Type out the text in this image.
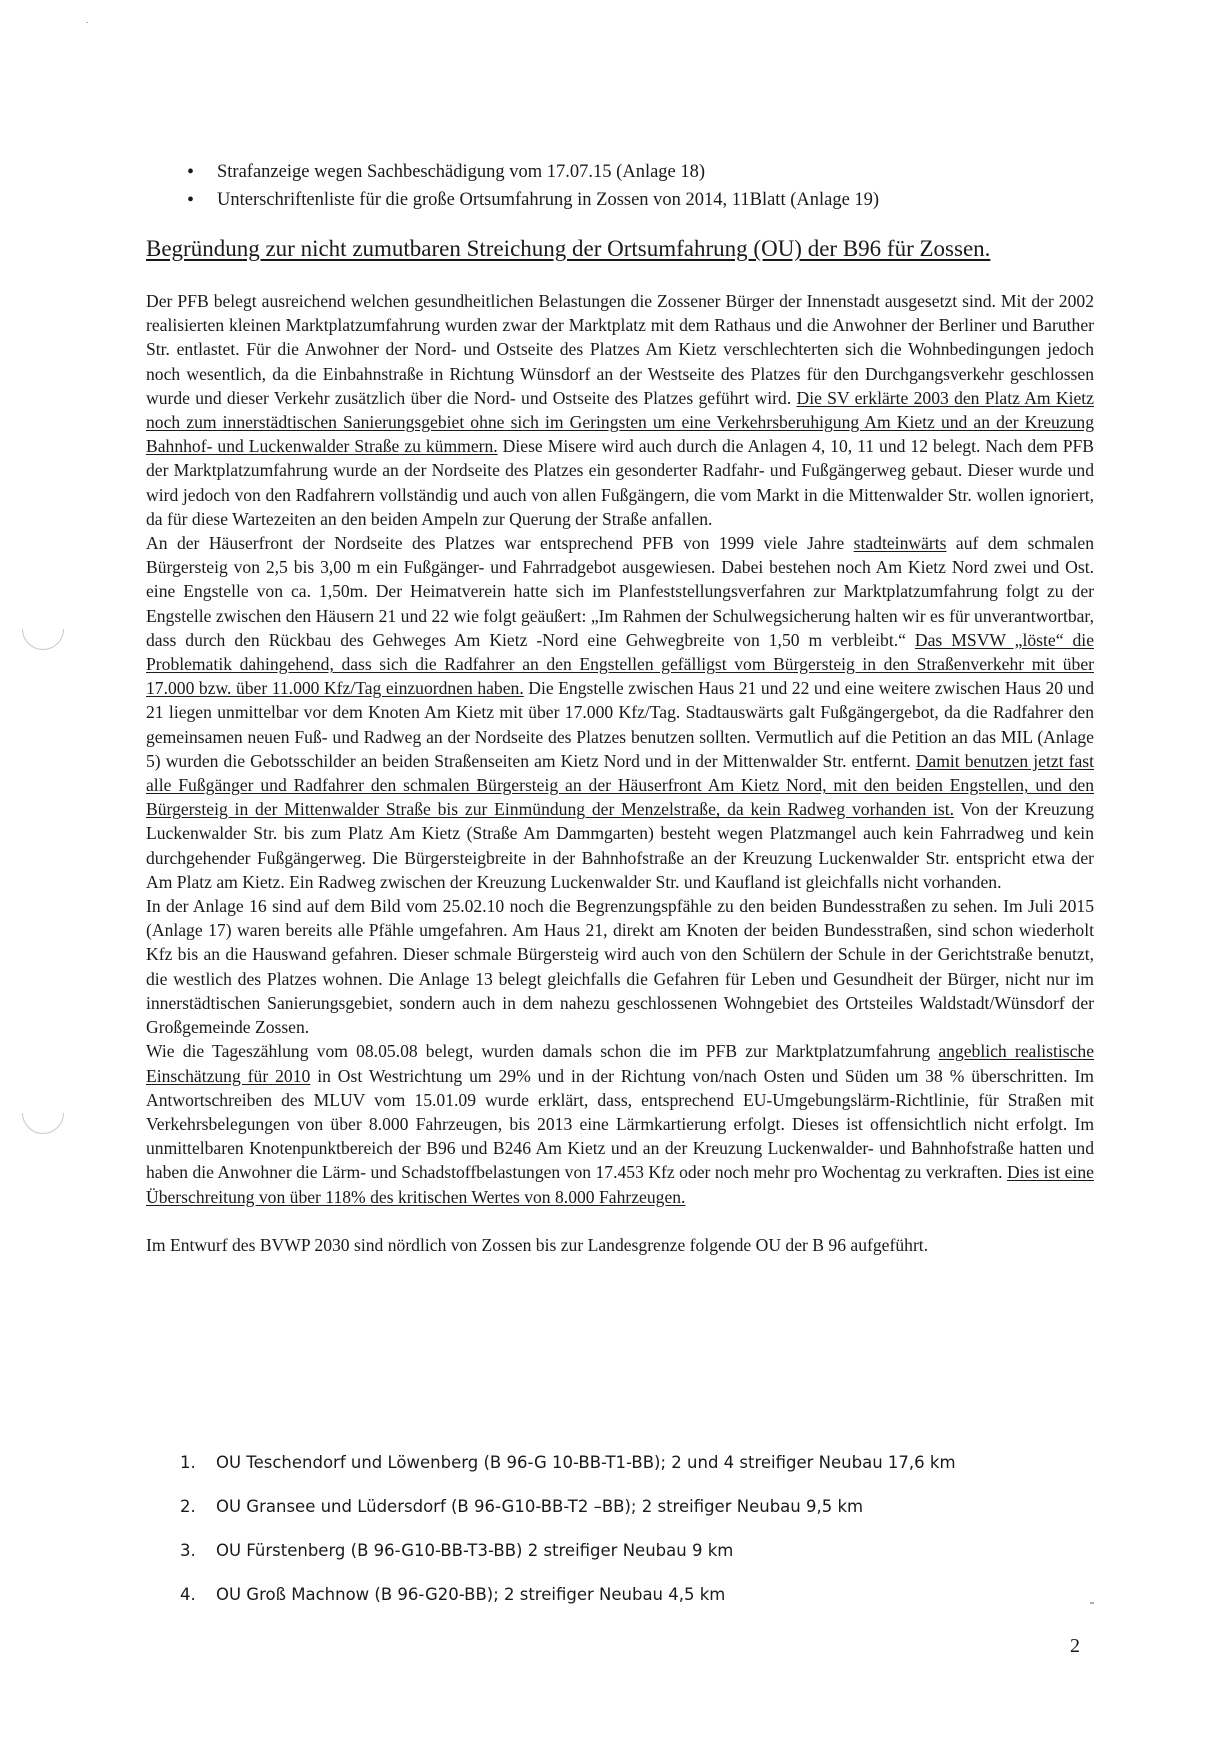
• Strafanzeige wegen Sachbeschädigung vom 17.07.15 (Anlage 18)
• Unterschriftenliste für die große Ortsumfahrung in Zossen von 2014, 11Blatt (Anlage 19)
Begründung zur nicht zumutbaren Streichung der Ortsumfahrung (OU) der B96 für Zossen.

Der PFB belegt ausreichend welchen gesundheitlichen Belastungen die Zossener Bürger der Innenstadt ausgesetzt sind. Mit der 2002 realisierten kleinen Marktplatzumfahrung wurden zwar der Marktplatz mit dem Rathaus und die Anwohner der Berliner und Baruther Str. entlastet. Für die Anwohner der Nord- und Ostseite des Platzes Am Kietz verschlechterten sich die Wohnbedingungen jedoch noch wesentlich, da die Einbahnstraße in Richtung Wünsdorf an der Westseite des Platzes für den Durchgangsverkehr geschlossen wurde und dieser Verkehr zusätzlich über die Nord- und Ostseite des Platzes geführt wird. Die SV erklärte 2003 den Platz Am Kietz noch zum innerstädtischen Sanierungsgebiet ohne sich im Geringsten um eine Verkehrsberuhigung Am Kietz und an der Kreuzung Bahnhof- und Luckenwalder Straße zu kümmern. Diese Misere wird auch durch die Anlagen 4, 10, 11 und 12 belegt. Nach dem PFB der Marktplatzumfahrung wurde an der Nordseite des Platzes ein gesonderter Radfahr- und Fußgängerweg gebaut. Dieser wurde und wird jedoch von den Radfahrern vollständig und auch von allen Fußgängern, die vom Markt in die Mittenwalder Str. wollen ignoriert, da für diese Wartezeiten an den beiden Ampeln zur Querung der Straße anfallen.

An der Häuserfront der Nordseite des Platzes war entsprechend PFB von 1999 viele Jahre stadteinwärts auf dem schmalen Bürgersteig von 2,5 bis 3,00 m ein Fußgänger- und Fahrradgebot ausgewiesen. Dabei bestehen noch Am Kietz Nord zwei und Ost. eine Engstelle von ca. 1,50m. Der Heimatverein hatte sich im Planfeststellungsverfahren zur Marktplatzumfahrung folgt zu der Engstelle zwischen den Häusern 21 und 22 wie folgt geäußert: „Im Rahmen der Schulwegsicherung halten wir es für unverantwortbar, dass durch den Rückbau des Gehweges Am Kietz -Nord eine Gehwegbreite von 1,50 m verbleibt.“ Das MSVW „löste“ die Problematik dahingehend, dass sich die Radfahrer an den Engstellen gefälligst vom Bürgersteig in den Straßenverkehr mit über 17.000 bzw. über 11.000 Kfz/Tag einzuordnen haben. Die Engstelle zwischen Haus 21 und 22 und eine weitere zwischen Haus 20 und 21 liegen unmittelbar vor dem Knoten Am Kietz mit über 17.000 Kfz/Tag. Stadtauswärts galt Fußgängergebot, da die Radfahrer den gemeinsamen neuen Fuß- und Radweg an der Nordseite des Platzes benutzen sollten. Vermutlich auf die Petition an das MIL (Anlage 5) wurden die Gebotsschilder an beiden Straßenseiten am Kietz Nord und in der Mittenwalder Str. entfernt. Damit benutzen jetzt fast alle Fußgänger und Radfahrer den schmalen Bürgersteig an der Häuserfront Am Kietz Nord, mit den beiden Engstellen, und den Bürgersteig in der Mittenwalder Straße bis zur Einmündung der Menzelstraße, da kein Radweg vorhanden ist. Von der Kreuzung Luckenwalder Str. bis zum Platz Am Kietz (Straße Am Dammgarten) besteht wegen Platzmangel auch kein Fahrradweg und kein durchgehender Fußgängerweg. Die Bürgersteigbreite in der Bahnhofstraße an der Kreuzung Luckenwalder Str. entspricht etwa der Am Platz am Kietz. Ein Radweg zwischen der Kreuzung Luckenwalder Str. und Kaufland ist gleichfalls nicht vorhanden.

In der Anlage 16 sind auf dem Bild vom 25.02.10 noch die Begrenzungspfähle zu den beiden Bundesstraßen zu sehen. Im Juli 2015 (Anlage 17) waren bereits alle Pfähle umgefahren. Am Haus 21, direkt am Knoten der beiden Bundesstraßen, sind schon wiederholt Kfz bis an die Hauswand gefahren. Dieser schmale Bürgersteig wird auch von den Schülern der Schule in der Gerichtstraße benutzt, die westlich des Platzes wohnen. Die Anlage 13 belegt gleichfalls die Gefahren für Leben und Gesundheit der Bürger, nicht nur im innerstädtischen Sanierungsgebiet, sondern auch in dem nahezu geschlossenen Wohngebiet des Ortsteiles Waldstadt/Wünsdorf der Großgemeinde Zossen.

Wie die Tageszählung vom 08.05.08 belegt, wurden damals schon die im PFB zur Marktplatzumfahrung angeblich realistische Einschätzung für 2010 in Ost Westrichtung um 29% und in der Richtung von/nach Osten und Süden um 38 % überschritten. Im Antwortschreiben des MLUV vom 15.01.09 wurde erklärt, dass, entsprechend EU-Umgebungslärm-Richtlinie, für Straßen mit Verkehrsbelegungen von über 8.000 Fahrzeugen, bis 2013 eine Lärmkartierung erfolgt. Dieses ist offensichtlich nicht erfolgt. Im unmittelbaren Knotenpunktbereich der B96 und B246 Am Kietz und an der Kreuzung Luckenwalder- und Bahnhofstraße hatten und haben die Anwohner die Lärm- und Schadstoffbelastungen von 17.453 Kfz oder noch mehr pro Wochentag zu verkraften. Dies ist eine Überschreitung von über 118% des kritischen Wertes von 8.000 Fahrzeugen.

Im Entwurf des BVWP 2030 sind nördlich von Zossen bis zur Landesgrenze folgende OU der B 96 aufgeführt.

1. OU Teschendorf und Löwenberg (B 96-G 10-BB-T1-BB); 2 und 4 streifiger Neubau 17,6 km
2. OU Gransee und Lüdersdorf (B 96-G10-BB-T2 –BB); 2 streifiger Neubau 9,5 km
3. OU Fürstenberg (B 96-G10-BB-T3-BB) 2 streifiger Neubau 9 km
4. OU Groß Machnow (B 96-G20-BB); 2 streifiger Neubau 4,5 km
2
